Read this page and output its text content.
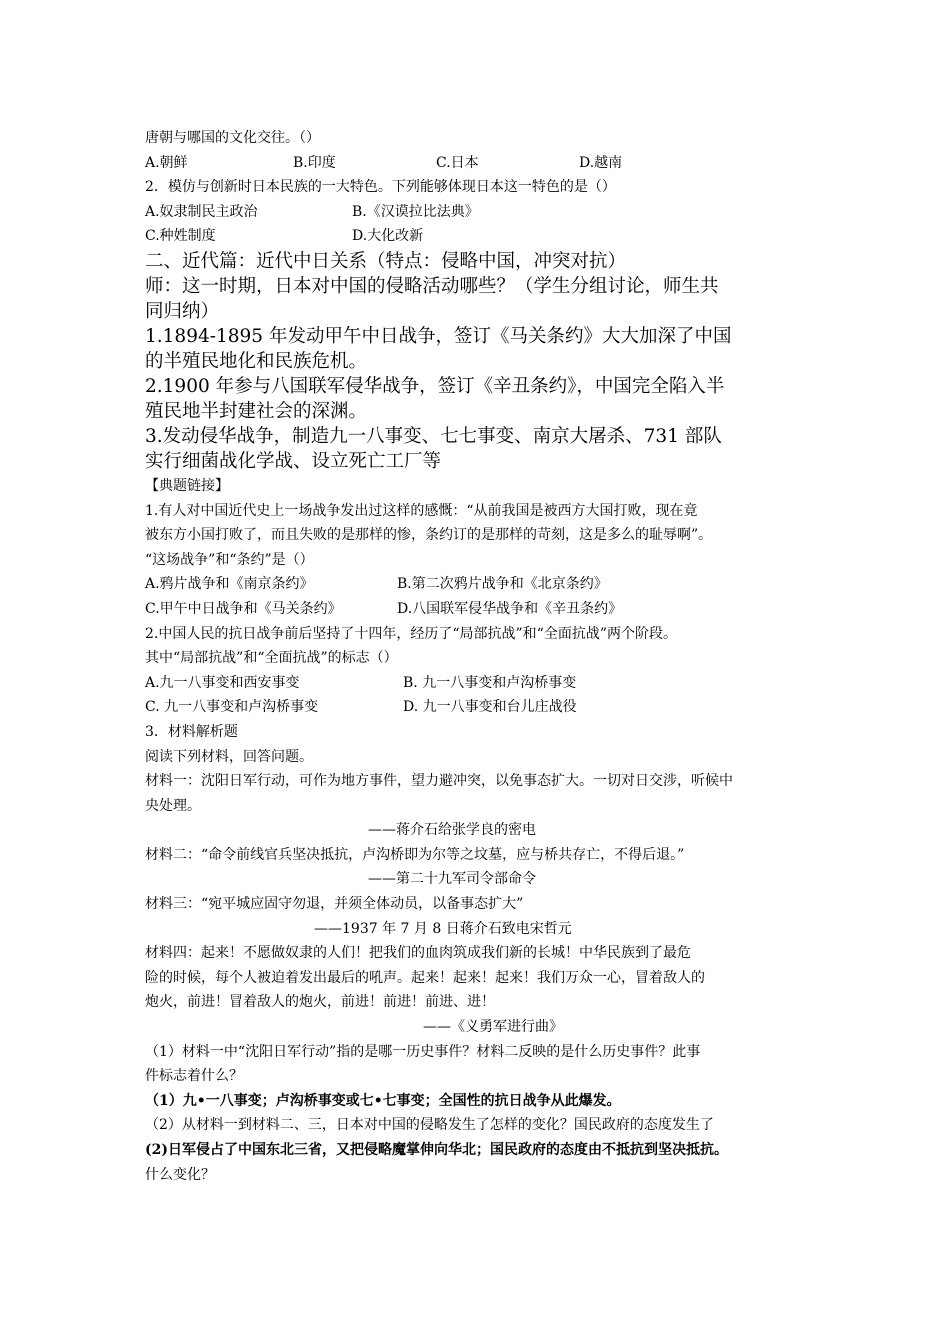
唐朝与哪国的文化交往。（）
A.朝鲜	B.印度	C.日本	D.越南
2．模仿与创新时日本民族的一大特色。下列能够体现日本这一特色的是（）
A.奴隶制民主政治	B.《汉谟拉比法典》
C.种姓制度	D.大化改新
二、近代篇：近代中日关系（特点：侵略中国，冲突对抗）
师：这一时期，日本对中国的侵略活动哪些？（学生分组讨论，师生共
同归纳）
1.1894-1895 年发动甲午中日战争，签订《马关条约》大大加深了中国
的半殖民地化和民族危机。
2.1900 年参与八国联军侵华战争，签订《辛丑条约》，中国完全陷入半
殖民地半封建社会的深渊。
3.发动侵华战争，制造九一八事变、七七事变、南京大屠杀、731 部队
实行细菌战化学战、设立死亡工厂等
【典题链接】
1.有人对中国近代史上一场战争发出过这样的感慨：“从前我国是被西方大国打败，现在竟
被东方小国打败了，而且失败的是那样的惨，条约订的是那样的苛刻，这是多么的耻辱啊”。
“这场战争”和“条约”是（）
A.鸦片战争和《南京条约》	B.第二次鸦片战争和《北京条约》
C.甲午中日战争和《马关条约》	D.八国联军侵华战争和《辛丑条约》
2.中国人民的抗日战争前后坚持了十四年，经历了“局部抗战”和“全面抗战”两个阶段。
其中“局部抗战”和“全面抗战”的标志（）
A.九一八事变和西安事变	B. 九一八事变和卢沟桥事变
C. 九一八事变和卢沟桥事变	D. 九一八事变和台儿庄战役
3．材料解析题
阅读下列材料，回答问题。
材料一：沈阳日军行动，可作为地方事件，望力避冲突，以免事态扩大。一切对日交涉，听候中
央处理。
——蒋介石给张学良的密电
材料二：“命令前线官兵坚决抵抗，卢沟桥即为尔等之坟墓，应与桥共存亡，不得后退。”
——第二十九军司令部命令
材料三：“宛平城应固守勿退，并须全体动员，以备事态扩大”
——1937 年 7 月 8 日蒋介石致电宋哲元
材料四：起来！不愿做奴隶的人们！把我们的血肉筑成我们新的长城！中华民族到了最危
险的时候，每个人被迫着发出最后的吼声。起来！起来！起来！我们万众一心，冒着敌人的
炮火，前进！冒着敌人的炮火，前进！前进！前进、进！
——《义勇军进行曲》
（1）材料一中“沈阳日军行动”指的是哪一历史事件？材料二反映的是什么历史事件？此事
件标志着什么？
（1）九•一八事变；卢沟桥事变或七•七事变；全国性的抗日战争从此爆发。
（2）从材料一到材料二、三，日本对中国的侵略发生了怎样的变化？国民政府的态度发生了
(2)日军侵占了中国东北三省，又把侵略魔掌伸向华北；国民政府的态度由不抵抗到坚决抵抗。
什么变化？
